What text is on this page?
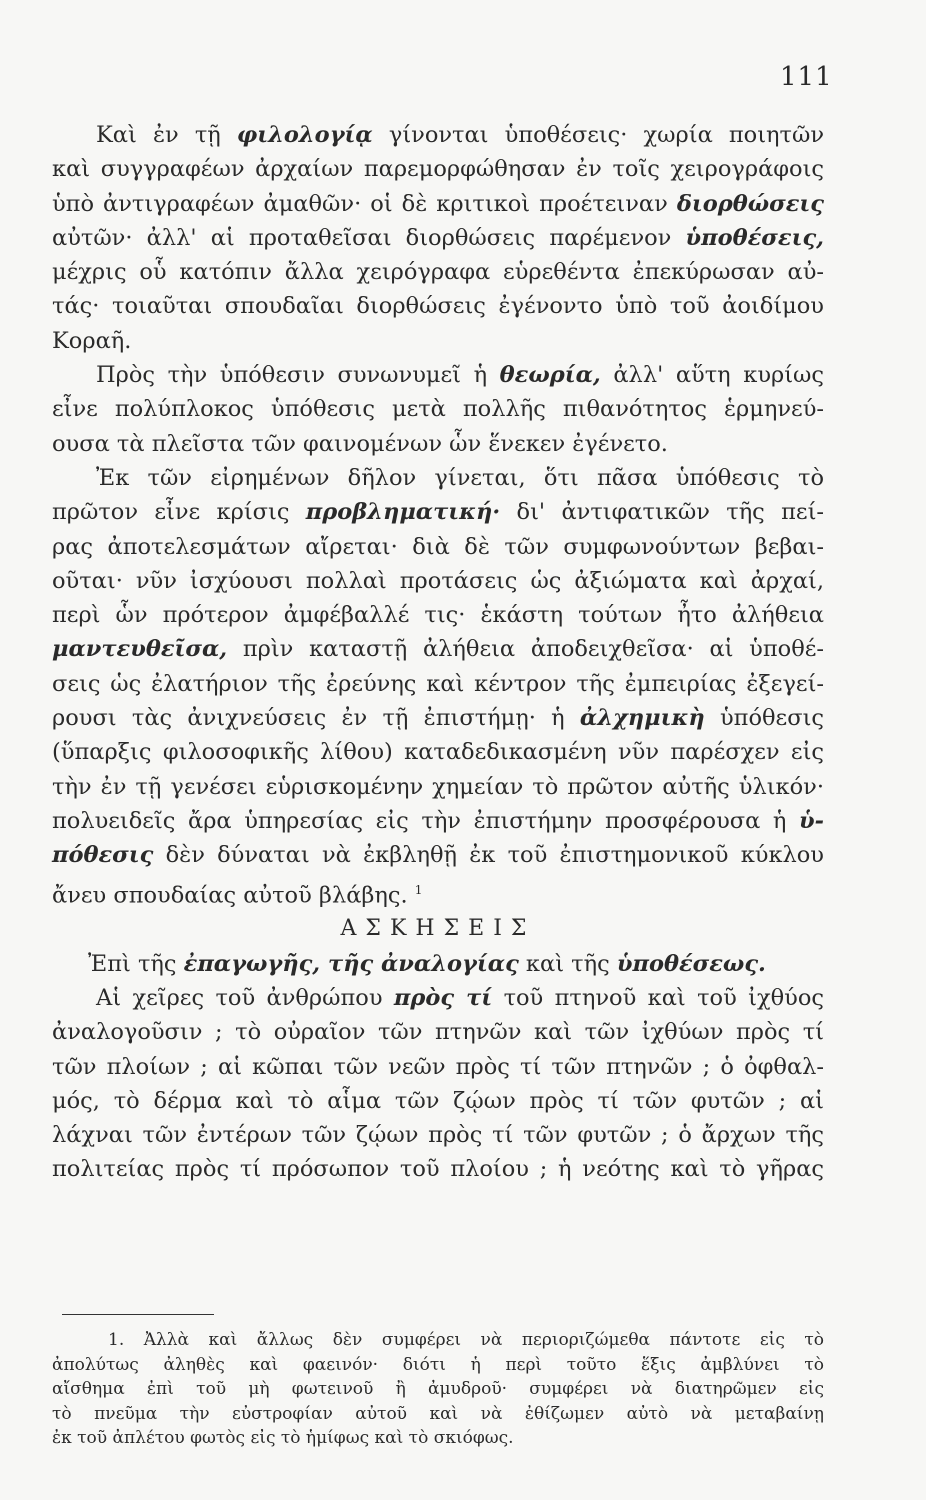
111

Καὶ ἐν τῇ φιλολογίᾳ γίνονται ὑποθέσεις· χωρία ποιητῶν

καὶ συγγραφέων ἀρχαίων παρεμορφώθησαν ἐν τοῖς χειρογράφοις

ὑπὸ ἀντιγραφέων ἀμαθῶν· οἱ δὲ κριτικοὶ προέτειναν διορθώσεις

αὐτῶν· ἀλλ' αἱ προταθεῖσαι διορθώσεις παρέμενον ὑποθέσεις,

μέχρις οὗ κατόπιν ἄλλα χειρόγραφα εὑρεθέντα ἐπεκύρωσαν αὐ-

τάς· τοιαῦται σπουδαῖαι διορθώσεις ἐγένοντο ὑπὸ τοῦ ἀοιδίμου

Κοραῆ.

Πρὸς τὴν ὑπόθεσιν συνωνυμεῖ ἡ θεωρία, ἀλλ' αὕτη κυρίως

εἶνε πολύπλοκος ὑπόθεσις μετὰ πολλῆς πιθανότητος ἑρμηνεύ-

ουσα τὰ πλεῖστα τῶν φαινομένων ὧν ἕνεκεν ἐγένετο.

Ἐκ τῶν εἰρημένων δῆλον γίνεται, ὅτι πᾶσα ὑπόθεσις τὸ

πρῶτον εἶνε κρίσις προβληματική· δι' ἀντιφατικῶν τῆς πεί-

ρας ἀποτελεσμάτων αἴρεται· διὰ δὲ τῶν συμφωνούντων βεβαι-

οῦται· νῦν ἰσχύουσι πολλαὶ προτάσεις ὡς ἀξιώματα καὶ ἀρχαί,

περὶ ὧν πρότερον ἀμφέβαλλέ τις· ἑκάστη τούτων ἦτο ἀλήθεια

μαντευθεῖσα, πρὶν καταστῇ ἀλήθεια ἀποδειχθεῖσα· αἱ ὑποθέ-

σεις ὡς ἐλατήριον τῆς ἐρεύνης καὶ κέντρον τῆς ἐμπειρίας ἐξεγεί-

ρουσι τὰς ἀνιχνεύσεις ἐν τῇ ἐπιστήμῃ· ἡ ἀλχημικὴ ὑπόθεσις

(ὕπαρξις φιλοσοφικῆς λίθου) καταδεδικασμένη νῦν παρέσχεν εἰς

τὴν ἐν τῇ γενέσει εὑρισκομένην χημείαν τὸ πρῶτον αὐτῆς ὑλικόν·

πολυειδεῖς ἄρα ὑπηρεσίας εἰς τὴν ἐπιστήμην προσφέρουσα ἡ ὑ-

πόθεσις δὲν δύναται νὰ ἐκβληθῇ ἐκ τοῦ ἐπιστημονικοῦ κύκλου

ἄνευ σπουδαίας αὐτοῦ βλάβης. $^1$

ΑΣΚΗΣΕΙΣ

Ἐπὶ τῆς ἐπαγωγῆς, τῆς ἀναλογίας καὶ τῆς ὑποθέσεως.

Αἱ χεῖρες τοῦ ἀνθρώπου πρὸς τί τοῦ πτηνοῦ καὶ τοῦ ἰχθύος

ἀναλογοῦσιν ; τὸ οὐραῖον τῶν πτηνῶν καὶ τῶν ἰχθύων πρὸς τί

τῶν πλοίων ; αἱ κῶπαι τῶν νεῶν πρὸς τί τῶν πτηνῶν ; ὁ ὀφθαλ-

μός, τὸ δέρμα καὶ τὸ αἷμα τῶν ζῴων πρὸς τί τῶν φυτῶν ; αἱ

λάχναι τῶν ἐντέρων τῶν ζῴων πρὸς τί τῶν φυτῶν ; ὁ ἄρχων τῆς

πολιτείας πρὸς τί πρόσωπον τοῦ πλοίου ; ἡ νεότης καὶ τὸ γῆρας

1. Ἀλλὰ καὶ ἄλλως δὲν συμφέρει νὰ περιοριζώμεθα πάντοτε εἰς τὸ

ἀπολύτως ἀληθὲς καὶ φαεινόν· διότι ἡ περὶ τοῦτο ἕξις ἀμβλύνει τὸ

αἴσθημα ἐπὶ τοῦ μὴ φωτεινοῦ ἢ ἀμυδροῦ· συμφέρει νὰ διατηρῶμεν εἰς

τὸ πνεῦμα τὴν εὐστροφίαν αὐτοῦ καὶ νὰ ἐθίζωμεν αὐτὸ νὰ μεταβαίνῃ

ἐκ τοῦ ἀπλέτου φωτὸς εἰς τὸ ἡμίφως καὶ τὸ σκιόφως.
